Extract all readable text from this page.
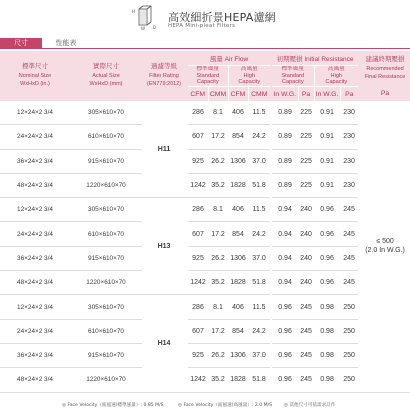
H
W D
高效細折景HEPA濾網
HEPA Mini-pleat Filters
尺寸	性能表
標準尺寸
Nominal Size
WxHxD (in.)		實際尺寸
Actual Size
WxHxD (mm)		過濾等級
Filter Rating
(EN779:2012)		風量 Air Flow					初期壓損 Initial Resistance					建議終期壓損
Recommended
Final Resistance
						標準風量
Standard
Capacity		高風量
High
Capacity			標準風量
Standard
Capacity		高風量
High
Capacity			
						CFM	CMM	CFM	CMM		In W.G.	Pa	In W.G.	Pa		Pa
12×24×2 3/4		305×610×70		H11		286	8.1	406	11.5		0.89	225	0.91	230		≤ 500
(2.0 In W.G.)
24×24×2 3/4		610×610×70				607	17.2	854	24.2		0.89	225	0.91	230		
36×24×2 3/4		915×610×70				925	26.2	1306	37.0		0.89	225	0.91	230		
48×24×2 3/4		1220×610×70				1242	35.2	1828	51.8		0.89	225	0.91	230		
12×24×2 3/4		305×610×70		H13		286	8.1	406	11.5		0.94	240	0.96	245		
24×24×2 3/4		610×610×70				607	17.2	854	24.2		0.94	240	0.96	245		
36×24×2 3/4		915×610×70				925	26.2	1306	37.0		0.94	240	0.96	245		
48×24×2 3/4		1220×610×70				1242	35.2	1828	51.8		0.94	240	0.96	245		
12×24×2 3/4		305×610×70		H14		286	8.1	406	11.5		0.96	245	0.98	250		
24×24×2 3/4		610×610×70				607	17.2	854	24.2		0.96	245	0.98	250		
36×24×2 3/4		915×610×70				925	26.2	1306	37.0		0.96	245	0.98	250		
48×24×2 3/4		1220×610×70				1242	35.2	1828	51.8		0.96	245	0.98	250		
◎ Face Velocity（面風速)標準風量）: 0.85 M/S	◎ Face Velocity（面風速)高風量）: 2.0 M/S	◎ 其他尺寸可依需求訂作
